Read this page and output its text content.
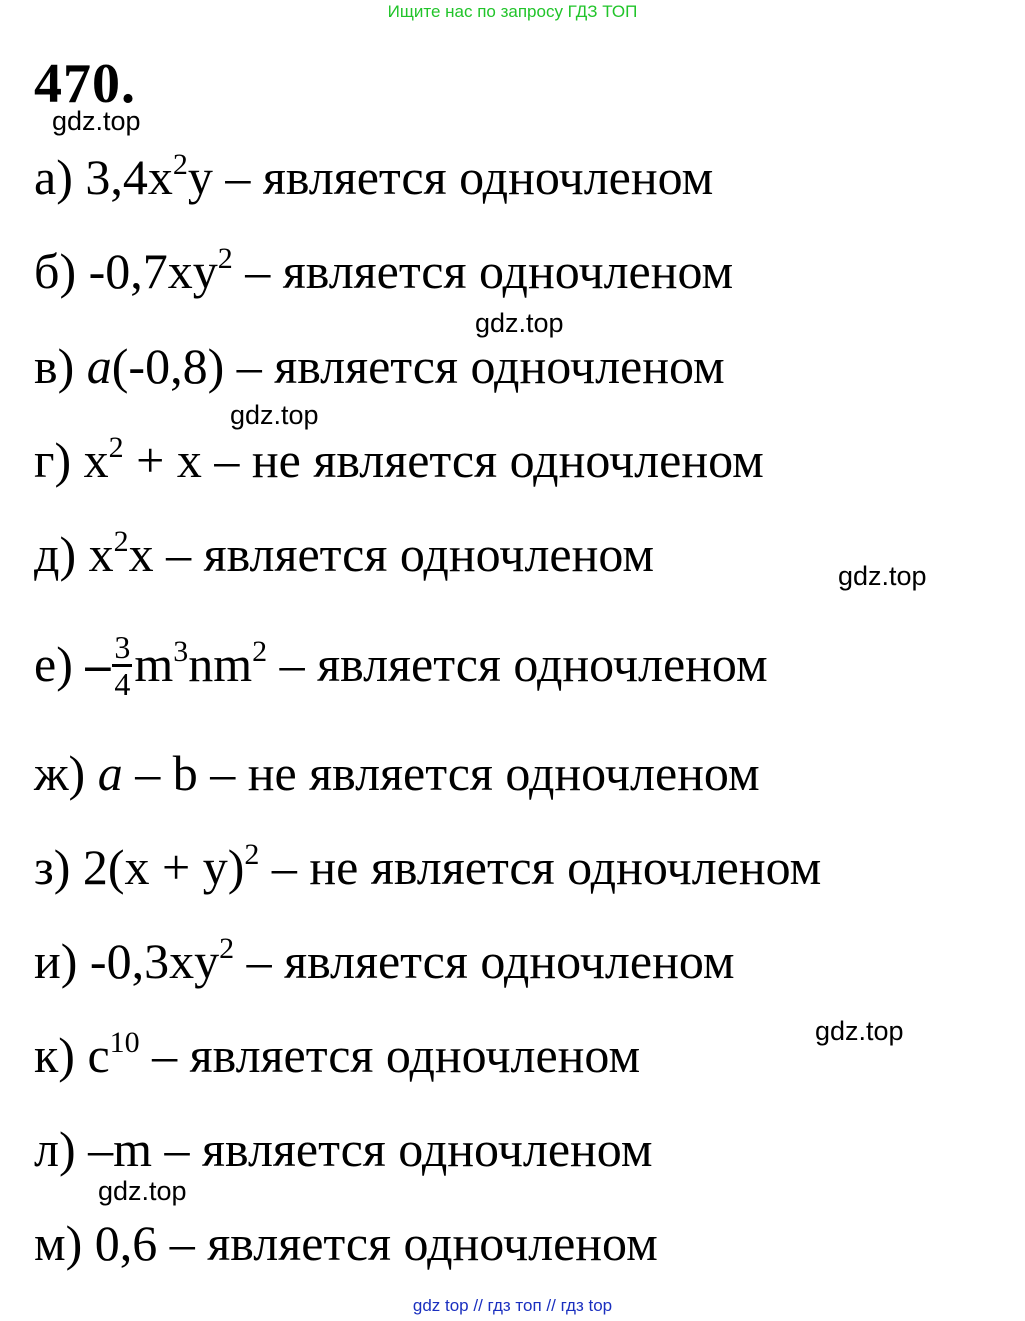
Ищите нас по запросу ГДЗ ТОП
470.
gdz.top
а) $3,4x^2y$ – является одночленом
б) $-0,7xy^2$ – является одночленом
gdz.top
в) a(-0,8) – является одночленом
gdz.top
г) $x^2 + x$ – не является одночленом
д) $x^2x$ – является одночленом	gdz.top
$е) - \frac{3}{4} m^3nm^2$ – является одночленом
ж) a – b – не является одночленом
з) $2(x + y)^2$ – не является одночленом
и) $-0,3xy^2$ – является одночленом
gdz.top
к) $c^{10}$ – является одночленом
л) –m – является одночленом
gdz.top
м) 0,6 – является одночленом
gdz top // гдз топ // гдз top
